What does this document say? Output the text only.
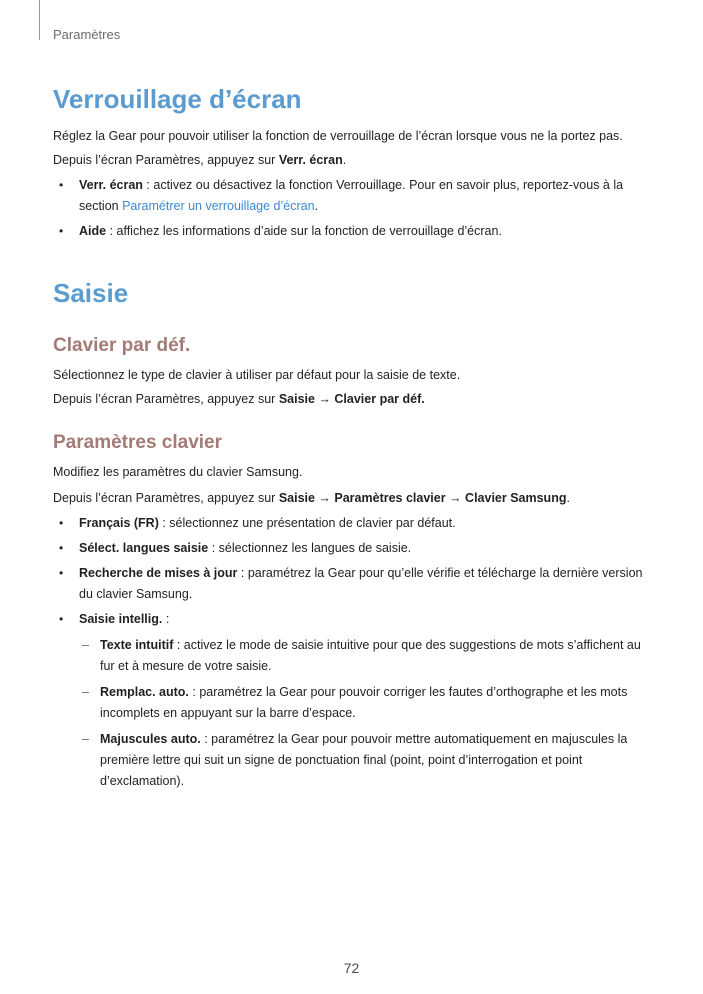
Paramètres
Verrouillage d’écran

Réglez la Gear pour pouvoir utiliser la fonction de verrouillage de l’écran lorsque vous ne la portez pas.

Depuis l’écran Paramètres, appuyez sur Verr. écran.

• Verr. écran : activez ou désactivez la fonction Verrouillage. Pour en savoir plus, reportez-vous à la section Paramétrer un verrouillage d’écran.
• Aide : affichez les informations d’aide sur la fonction de verrouillage d’écran.
Saisie
Clavier par déf.

Sélectionnez le type de clavier à utiliser par défaut pour la saisie de texte.

Depuis l’écran Paramètres, appuyez sur Saisie → Clavier par déf.

Paramètres clavier

Modifiez les paramètres du clavier Samsung.

Depuis l’écran Paramètres, appuyez sur Saisie → Paramètres clavier → Clavier Samsung.

• Français (FR) : sélectionnez une présentation de clavier par défaut.
• Sélect. langues saisie : sélectionnez les langues de saisie.
• Recherche de mises à jour : paramétrez la Gear pour qu’elle vérifie et télécharge la dernière version du clavier Samsung.
• Saisie intellig. :
– Texte intuitif : activez le mode de saisie intuitive pour que des suggestions de mots s’affichent au fur et à mesure de votre saisie.
– Remplac. auto. : paramétrez la Gear pour pouvoir corriger les fautes d’orthographe et les mots incomplets en appuyant sur la barre d’espace.
– Majuscules auto. : paramétrez la Gear pour pouvoir mettre automatiquement en majuscules la première lettre qui suit un signe de ponctuation final (point, point d’interrogation et point d’exclamation).
72
